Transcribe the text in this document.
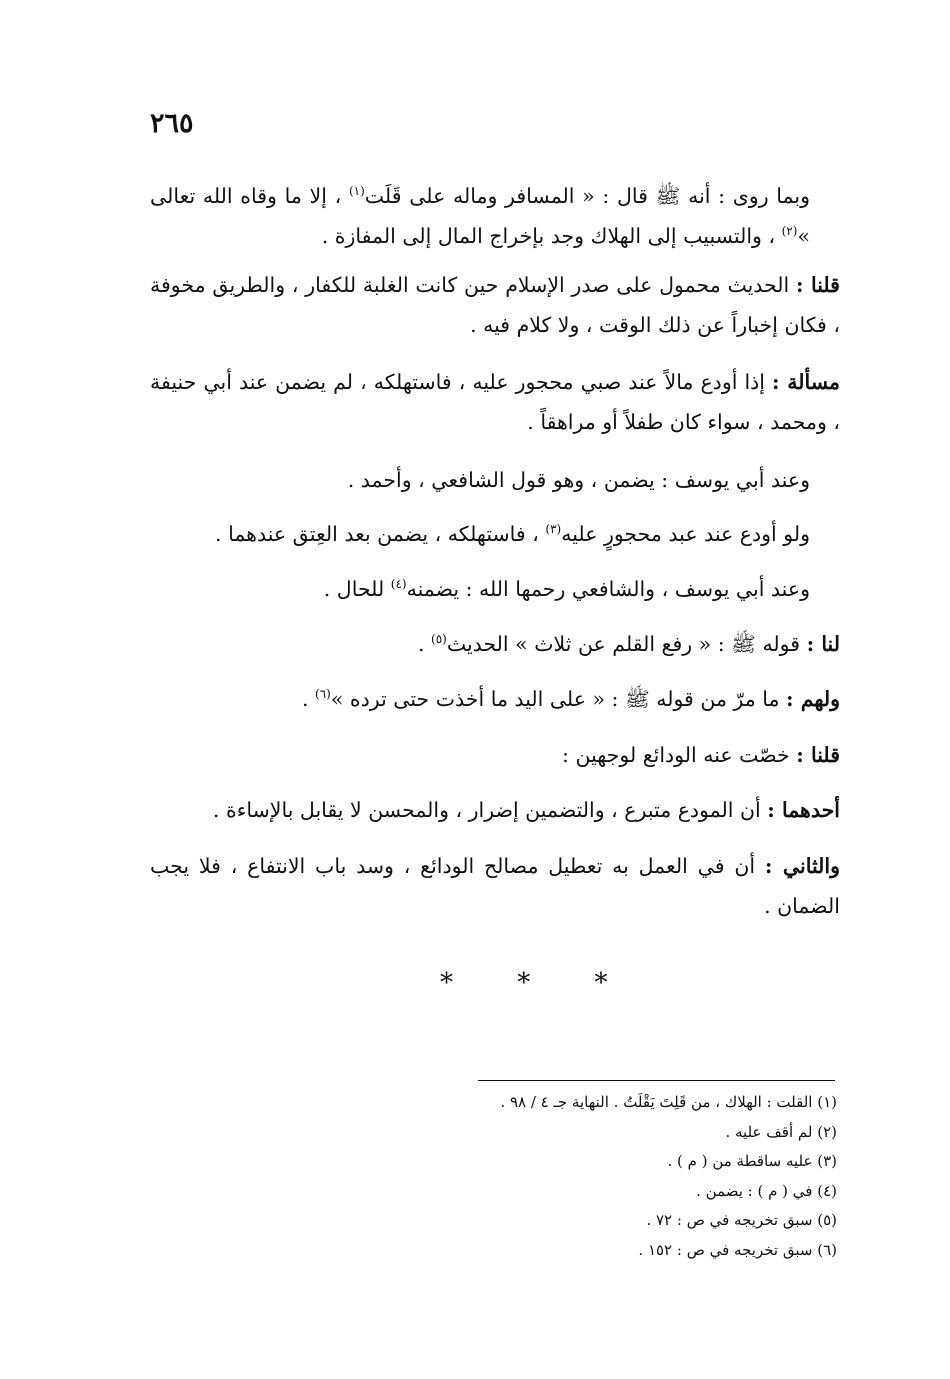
٢٦٥

وبما روى : أنه ﷺ قال : « المسافر وماله على قَلَت$^{(١)}$ ، إلا ما وقاه الله تعالى »$^{(٢)}$ ، والتسبيب إلى الهلاك وجد بإخراج المال إلى المفازة .

قلنا : الحديث محمول على صدر الإسلام حين كانت الغلبة للكفار ، والطريق مخوفة ، فكان إخباراً عن ذلك الوقت ، ولا كلام فيه .

مسألة : إذا أودع مالاً عند صبي محجور عليه ، فاستهلكه ، لم يضمن عند أبي حنيفة ، ومحمد ، سواء كان طفلاً أو مراهقاً .

وعند أبي يوسف : يضمن ، وهو قول الشافعي ، وأحمد .

ولو أودع عند عبد محجورٍ عليه$^{(٣)}$ ، فاستهلكه ، يضمن بعد العِتق عندهما .

وعند أبي يوسف ، والشافعي رحمها الله : يضمنه$^{(٤)}$ للحال .

لنا : قوله ﷺ : « رفع القلم عن ثلاث » الحديث$^{(٥)}$ .

ولهم : ما مرّ من قوله ﷺ : « على اليد ما أخذت حتى ترده »$^{(٦)}$ .

قلنا : خصّت عنه الودائع لوجهين :

أحدهما : أن المودع متبرع ، والتضمين إضرار ، والمحسن لا يقابل بالإساءة .

والثاني : أن في العمل به تعطيل مصالح الودائع ، وسد باب الانتفاع ، فلا يجب الضمان .

* * *

(١) القلت : الهلاك ، من قَلِتَ يَقْلَتُ . النهاية جـ ٤ / ٩٨ .

(٢) لم أقف عليه .

(٣) عليه ساقطة من ( م ) .

(٤) في ( م ) : يضمن .

(٥) سبق تخريجه في ص : ٧٢ .

(٦) سبق تخريجه في ص : ١٥٢ .
